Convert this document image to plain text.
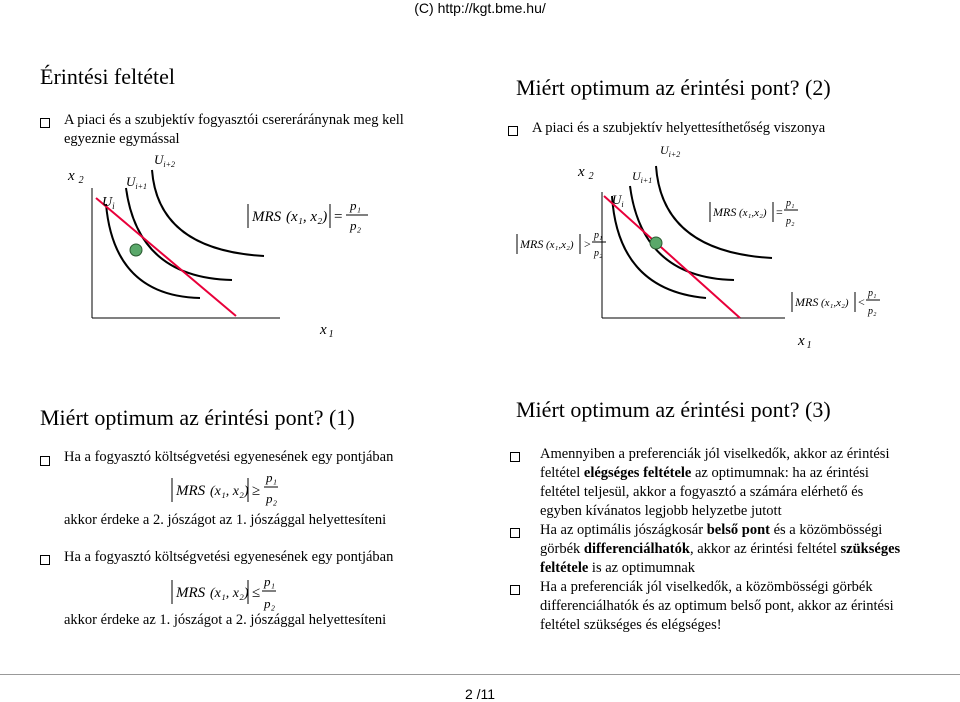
(C) http://kgt.bme.hu/
Érintési feltétel
A piaci és a szubjektív fogyasztói csereráránynak meg kell
egyeznie egymással
x $_2$
x $_1$
$U_i$
$U_{i+1}$
$U_{i+2}$
MRS (x₁, x₂) =
p₁
p₂
Miért optimum az érintési pont? (2)
A piaci és a szubjektív helyettesíthetőség viszonya
x $_2$
x $_1$
$U_i$
$U_{i+1}$
$U_{i+2}$
MRS (x₁,x₂) >
p₁
p₂
MRS (x₁,x₂) =
p₁
p₂
MRS (x₁,x₂) <
p₁
p₂
Miért optimum az érintési pont? (1)
Ha a fogyasztó költségvetési egyenesének egy pontjában
MRS (x₁, x₂) ≥
p₁
p₂
akkor érdeke a 2. jószágot az 1. jószággal helyettesíteni
Ha a fogyasztó költségvetési egyenesének egy pontjában
MRS (x₁, x₂) ≤
p₁
p₂
akkor érdeke az 1. jószágot a 2. jószággal helyettesíteni
Miért optimum az érintési pont? (3)
Amennyiben a preferenciák jól viselkedők, akkor az érintési
feltétel elégséges feltétele az optimumnak: ha az érintési
feltétel teljesül, akkor a fogyasztó a számára elérhető és
egyben kívánatos legjobb helyzetbe jutott
Ha az optimális jószágkosár belső pont és a közömbösségi
görbék differenciálhatók, akkor az érintési feltétel szükséges
feltétele is az optimumnak
Ha a preferenciák jól viselkedők, a közömbösségi görbék
differenciálhatók és az optimum belső pont, akkor az érintési
feltétel szükséges és elégséges!
2 /11
